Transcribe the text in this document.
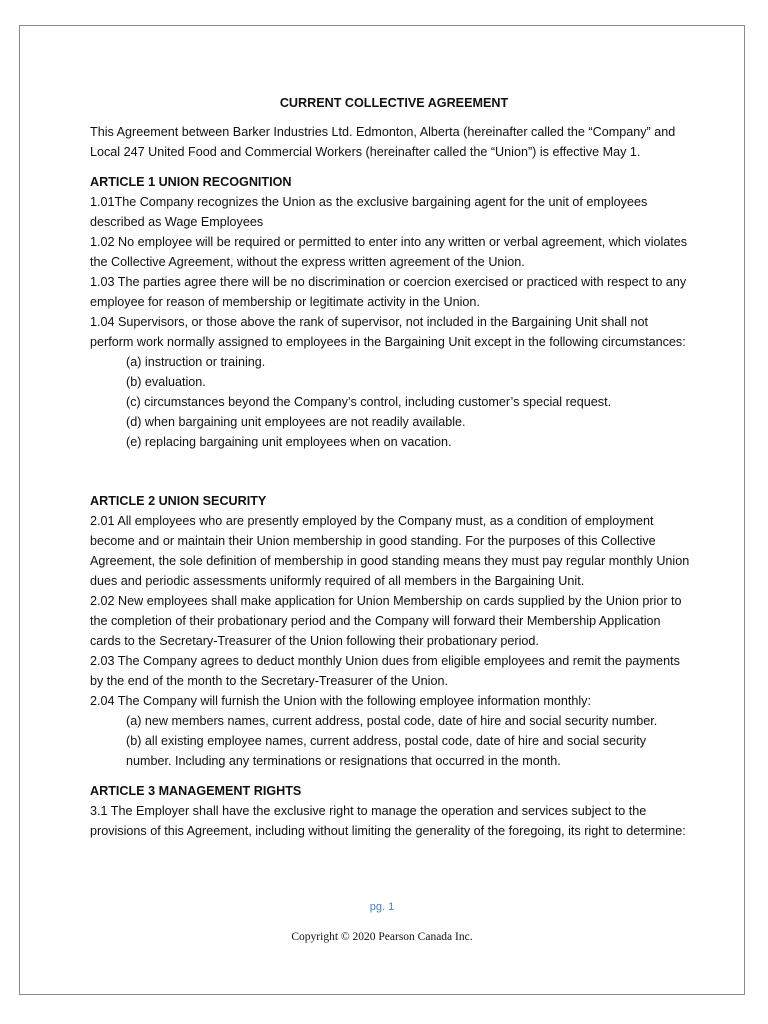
CURRENT COLLECTIVE AGREEMENT

This Agreement between Barker Industries Ltd. Edmonton, Alberta (hereinafter called the “Company” and Local 247 United Food and Commercial Workers (hereinafter called the “Union”) is effective May 1.

ARTICLE 1 UNION RECOGNITION

1.01The Company recognizes the Union as the exclusive bargaining agent for the unit of employees described as Wage Employees

1.02 No employee will be required or permitted to enter into any written or verbal agreement, which violates the Collective Agreement, without the express written agreement of the Union.

1.03 The parties agree there will be no discrimination or coercion exercised or practiced with respect to any employee for reason of membership or legitimate activity in the Union.

1.04 Supervisors, or those above the rank of supervisor, not included in the Bargaining Unit shall not perform work normally assigned to employees in the Bargaining Unit except in the following circumstances:

(a) instruction or training.

(b) evaluation.

(c) circumstances beyond the Company’s control, including customer’s special request.

(d) when bargaining unit employees are not readily available.

(e) replacing bargaining unit employees when on vacation.

ARTICLE 2 UNION SECURITY

2.01 All employees who are presently employed by the Company must, as a condition of employment become and or maintain their Union membership in good standing. For the purposes of this Collective Agreement, the sole definition of membership in good standing means they must pay regular monthly Union dues and periodic assessments uniformly required of all members in the Bargaining Unit.

2.02 New employees shall make application for Union Membership on cards supplied by the Union prior to the completion of their probationary period and the Company will forward their Membership Application cards to the Secretary-Treasurer of the Union following their probationary period.

2.03 The Company agrees to deduct monthly Union dues from eligible employees and remit the payments by the end of the month to the Secretary-Treasurer of the Union.

2.04 The Company will furnish the Union with the following employee information monthly:

(a) new members names, current address, postal code, date of hire and social security number.

(b) all existing employee names, current address, postal code, date of hire and social security number. Including any terminations or resignations that occurred in the month.

ARTICLE 3 MANAGEMENT RIGHTS

3.1 The Employer shall have the exclusive right to manage the operation and services subject to the provisions of this Agreement, including without limiting the generality of the foregoing, its right to determine:

pg. 1
Copyright © 2020 Pearson Canada Inc.
